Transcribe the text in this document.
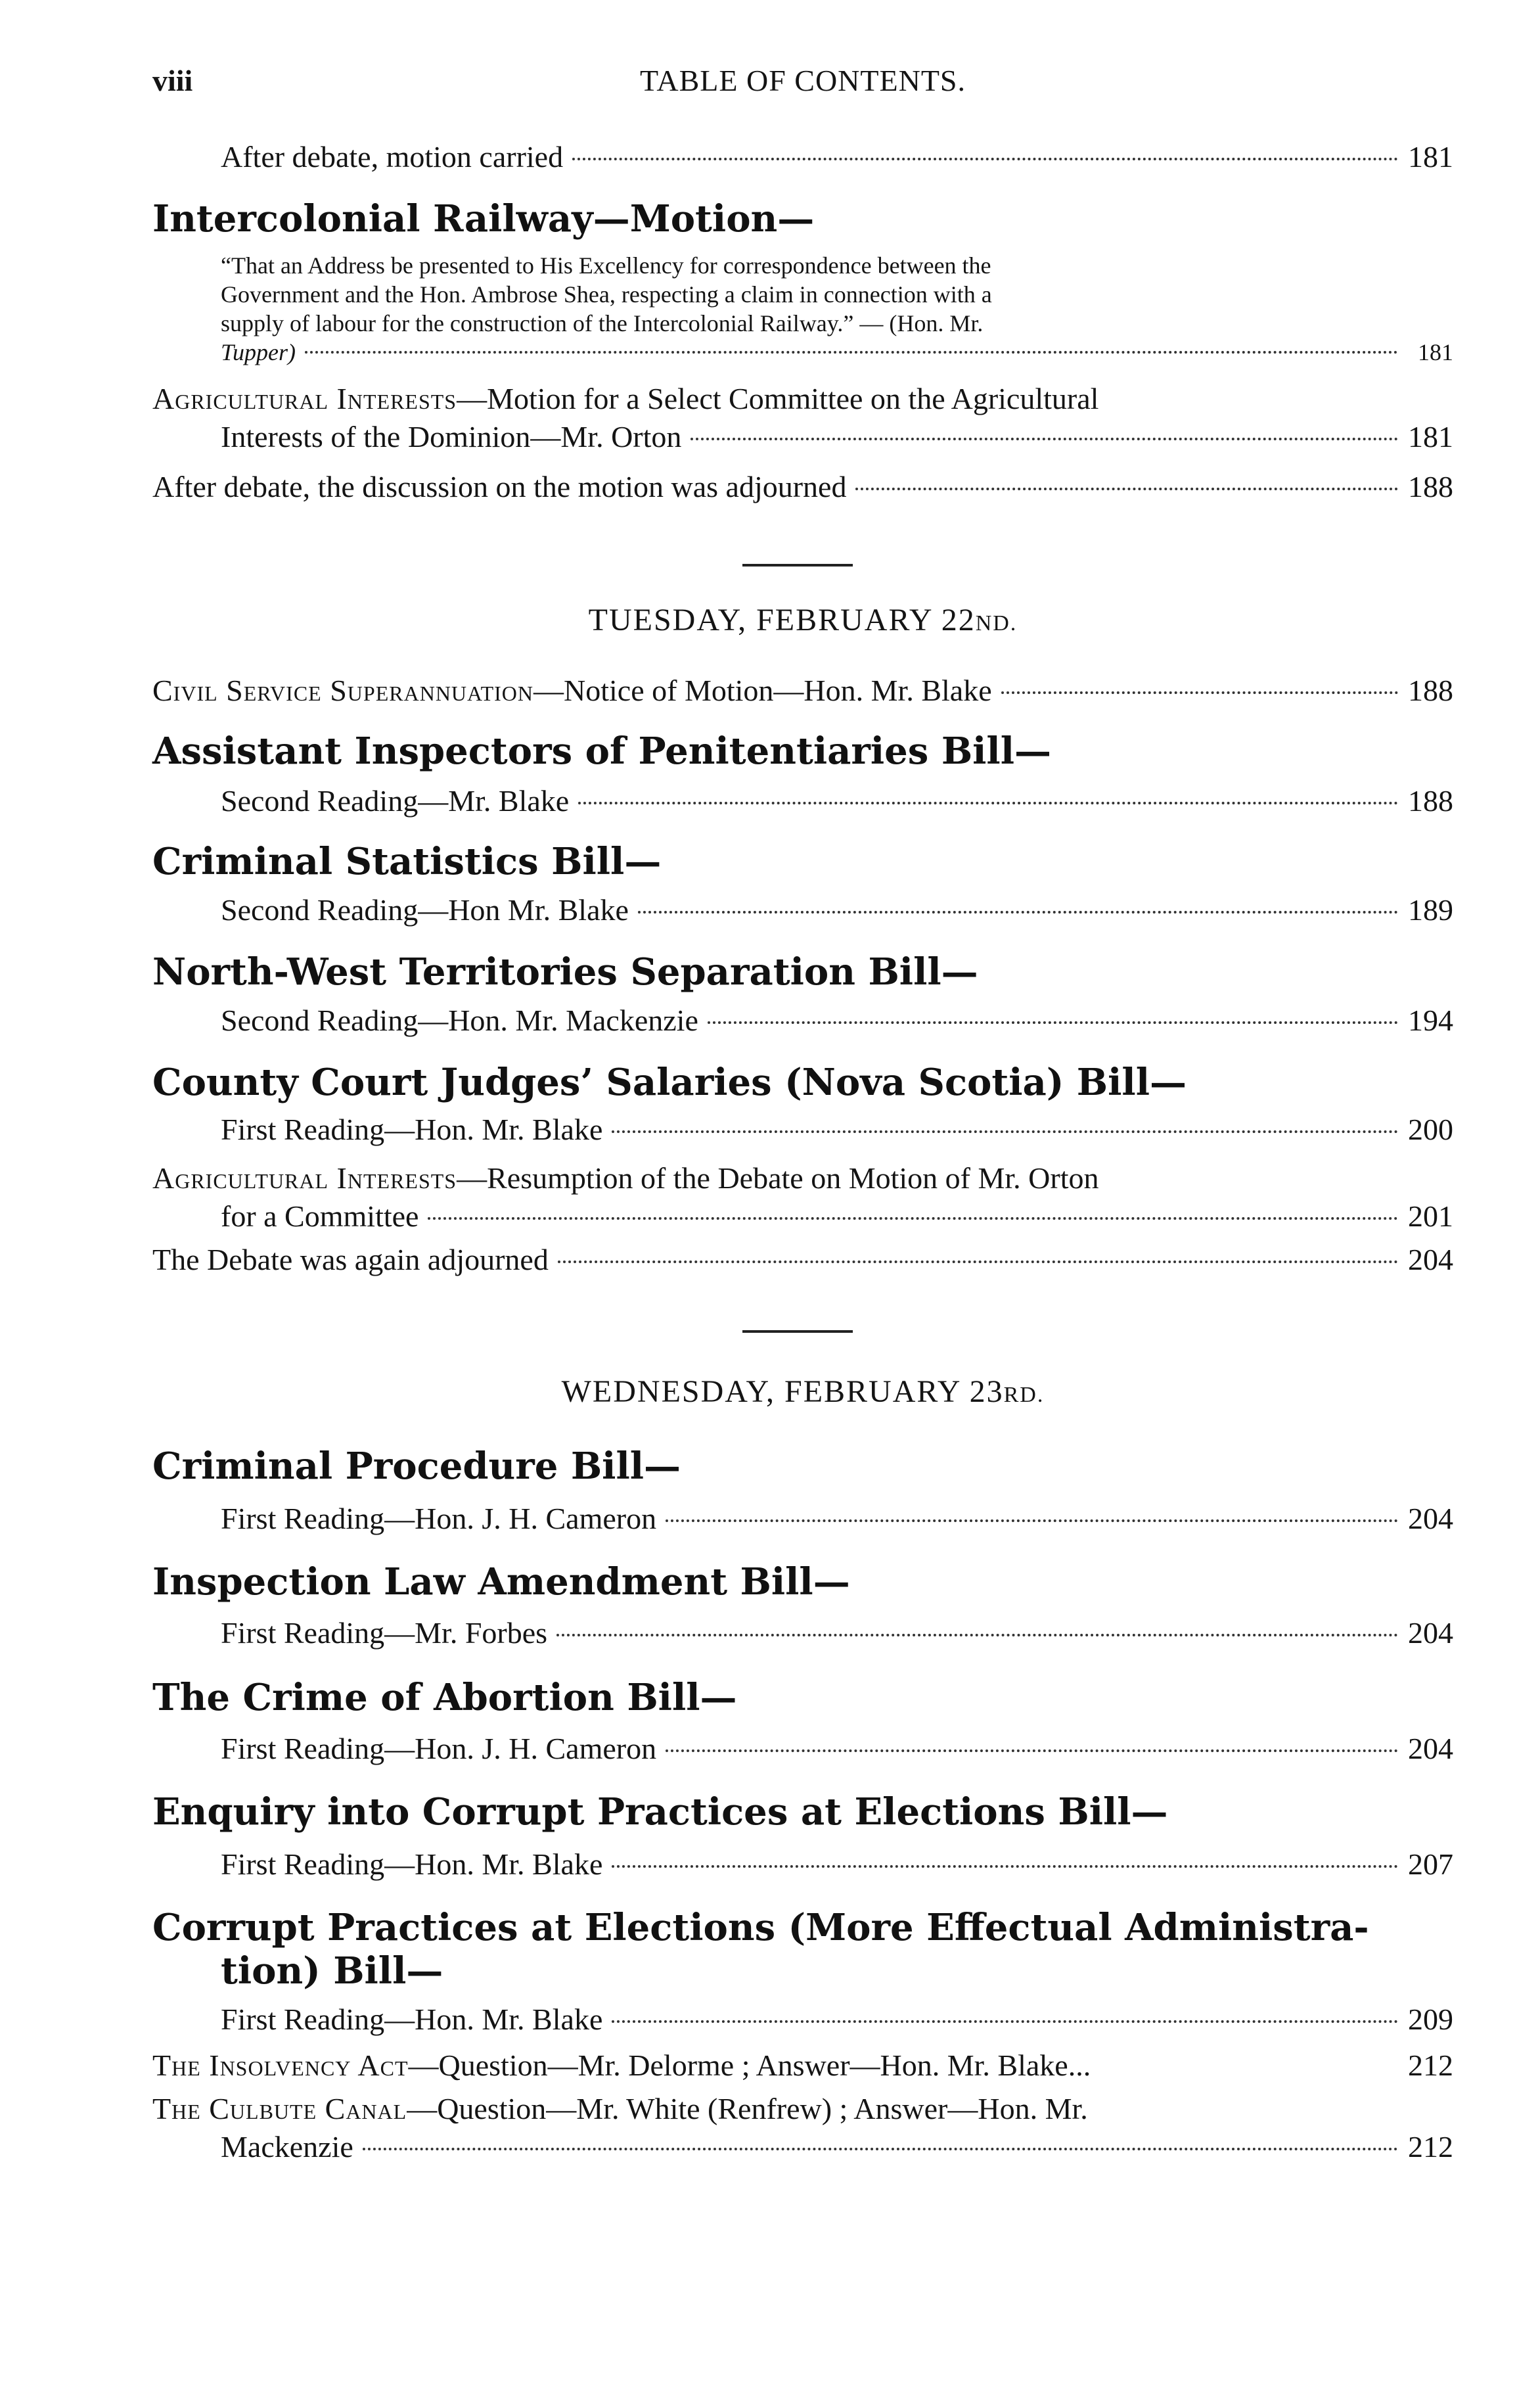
viii	TABLE OF CONTENTS.
After debate, motion carried	181
Intercolonial Railway—Motion—
“That an Address be presented to His Excellency for correspondence between the
Government and the Hon. Ambrose Shea, respecting a claim in connection with a
supply of labour for the construction of the Intercolonial Railway.” — (Hon. Mr.
Tupper)	181
Agricultural Interests—Motion for a Select Committee on the Agricultural
Interests of the Dominion—Mr. Orton	181
After debate, the discussion on the motion was adjourned	188
TUESDAY, FEBRUARY 22ND.
Civil Service Superannuation—Notice of Motion—Hon. Mr. Blake	188
Assistant Inspectors of Penitentiaries Bill—
Second Reading—Mr. Blake	188
Criminal Statistics Bill—
Second Reading—Hon Mr. Blake	189
North-West Territories Separation Bill—
Second Reading—Hon. Mr. Mackenzie	194
County Court Judges’ Salaries (Nova Scotia) Bill—
First Reading—Hon. Mr. Blake	200
Agricultural Interests—Resumption of the Debate on Motion of Mr. Orton
for a Committee	201
The Debate was again adjourned	204
WEDNESDAY, FEBRUARY 23RD.
Criminal Procedure Bill—
First Reading—Hon. J. H. Cameron	204
Inspection Law Amendment Bill—
First Reading—Mr. Forbes	204
The Crime of Abortion Bill—
First Reading—Hon. J. H. Cameron	204
Enquiry into Corrupt Practices at Elections Bill—
First Reading—Hon. Mr. Blake	207
Corrupt Practices at Elections (More Effectual Administra-
tion) Bill—
First Reading—Hon. Mr. Blake	209
The Insolvency Act—Question—Mr. Delorme ; Answer—Hon. Mr. Blake...	212
The Culbute Canal—Question—Mr. White (Renfrew) ; Answer—Hon. Mr.
Mackenzie	212
